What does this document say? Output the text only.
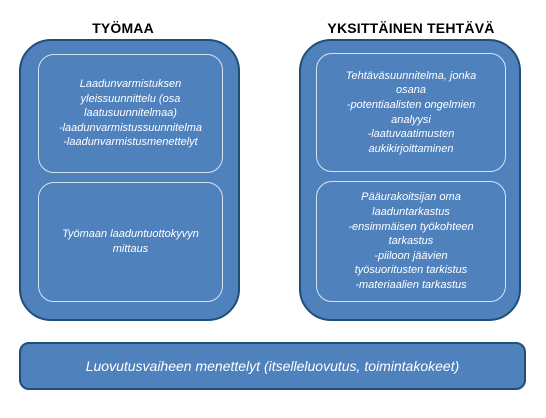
TYÖMAA	YKSITTÄINEN TEHTÄVÄ
Laadunvarmistuksen
yleissuunnittelu (osa
laatusuunnitelmaa)
-laadunvarmistussuunnitelma
-laadunvarmistusmenettelyt
Työmaan laaduntuottokyvyn
mittaus
Tehtäväsuunnitelma, jonka
osana
-potentiaalisten ongelmien
analyysi
-laatuvaatimusten
aukikirjoittaminen
Pääurakoitsijan oma
laaduntarkastus
-ensimmäisen työkohteen
tarkastus
-piiloon jäävien
työsuoritusten tarkistus
-materiaalien tarkastus
Luovutusvaiheen menettelyt (itselleluovutus, toimintakokeet)
